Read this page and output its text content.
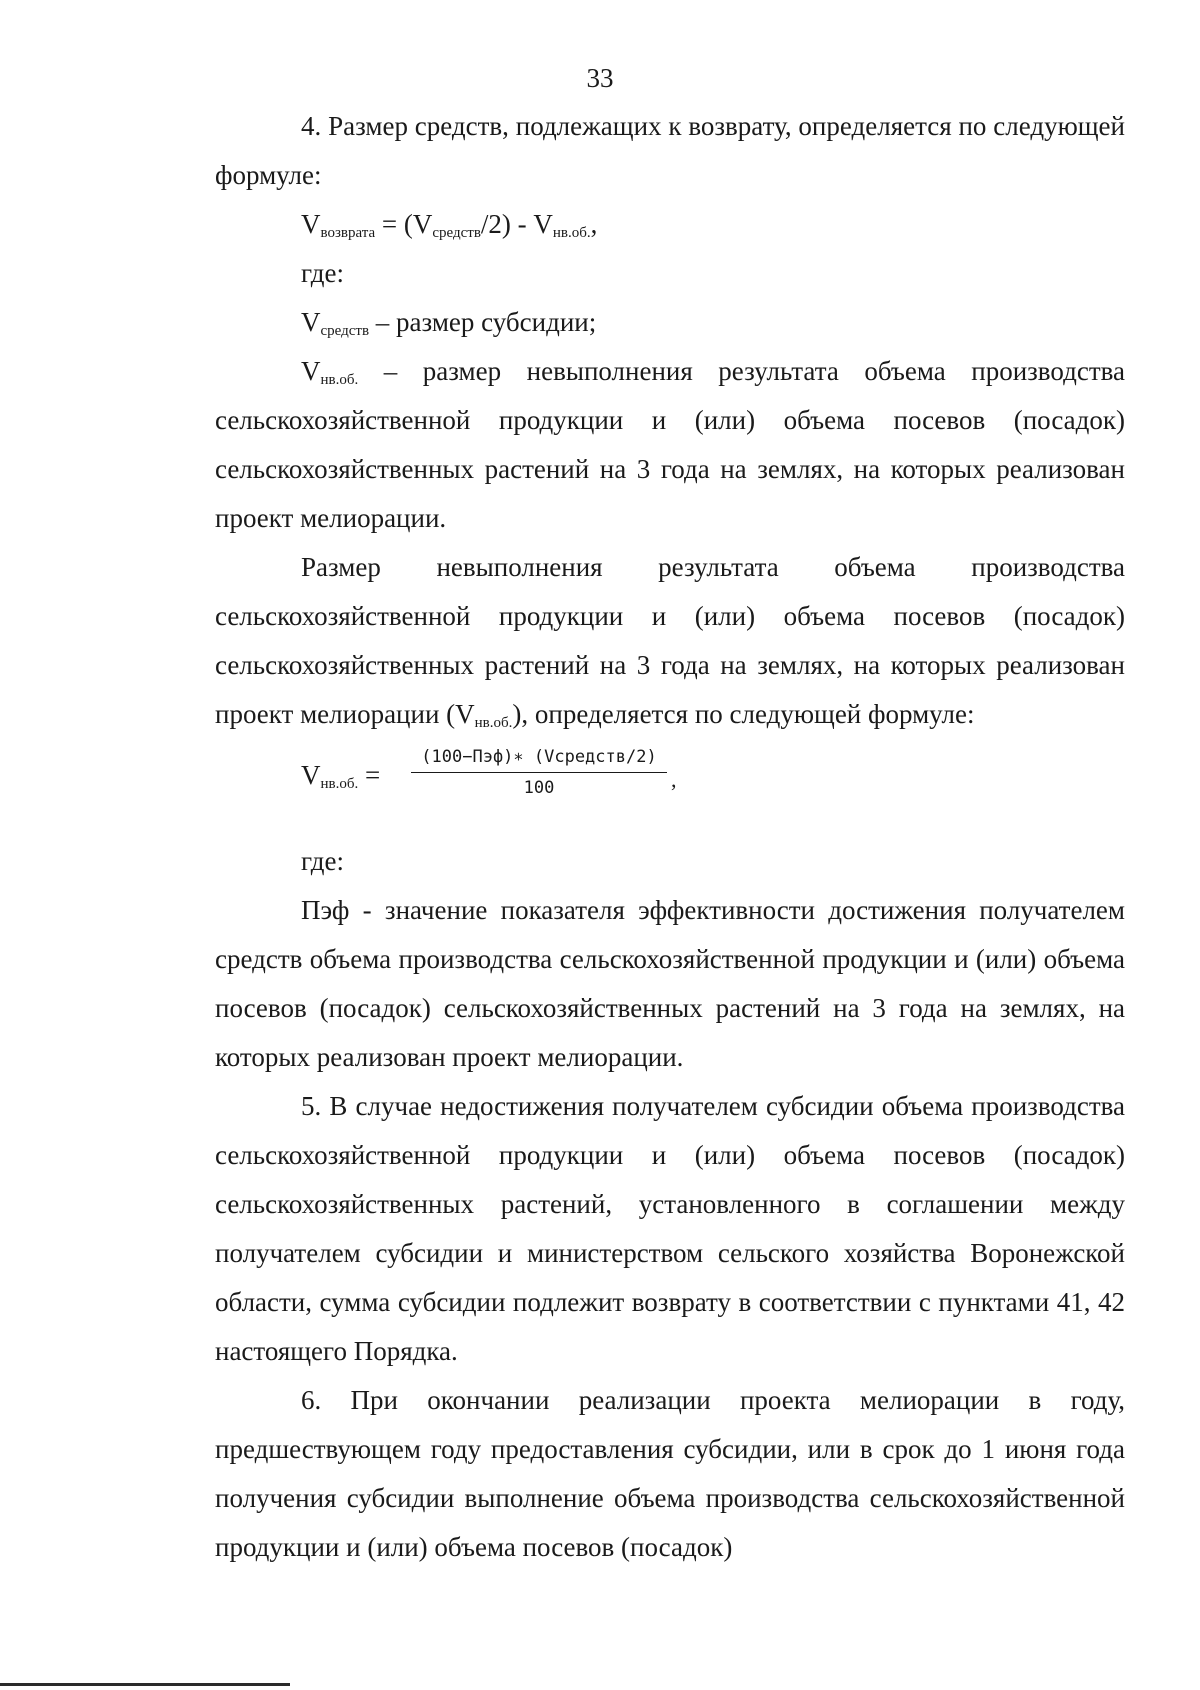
33

4. Размер средств, подлежащих к возврату, определяется по следующей формуле:

$V_{возврата} = (V_{средств}/2) - V_{нв.об.}$,

где:

$V_{средств}$ – размер субсидии;

$V_{нв.об.}$ – размер невыполнения результата объема производства сельскохозяйственной продукции и (или) объема посевов (посадок) сельскохозяйственных растений на 3 года на землях, на которых реализован проект мелиорации.

Размер невыполнения результата объема производства сельскохозяйственной продукции и (или) объема посевов (посадок) сельскохозяйственных растений на 3 года на землях, на которых реализован проект мелиорации $(V_{нв.об.})$, определяется по следующей формуле:

$V_{нв.об.}$ =
(100−Пэф)∗ (Vсредств/2)
100	,

где:

Пэф - значение показателя эффективности достижения получателем средств объема производства сельскохозяйственной продукции и (или) объема посевов (посадок) сельскохозяйственных растений на 3 года на землях, на которых реализован проект мелиорации.

5. В случае недостижения получателем субсидии объема производства сельскохозяйственной продукции и (или) объема посевов (посадок) сельскохозяйственных растений, установленного в соглашении между получателем субсидии и министерством сельского хозяйства Воронежской области, сумма субсидии подлежит возврату в соответствии с пунктами 41, 42 настоящего Порядка.

6. При окончании реализации проекта мелиорации в году, предшествующем году предоставления субсидии, или в срок до 1 июня года получения субсидии выполнение объема производства сельскохозяйственной продукции и (или) объема посевов (посадок)
